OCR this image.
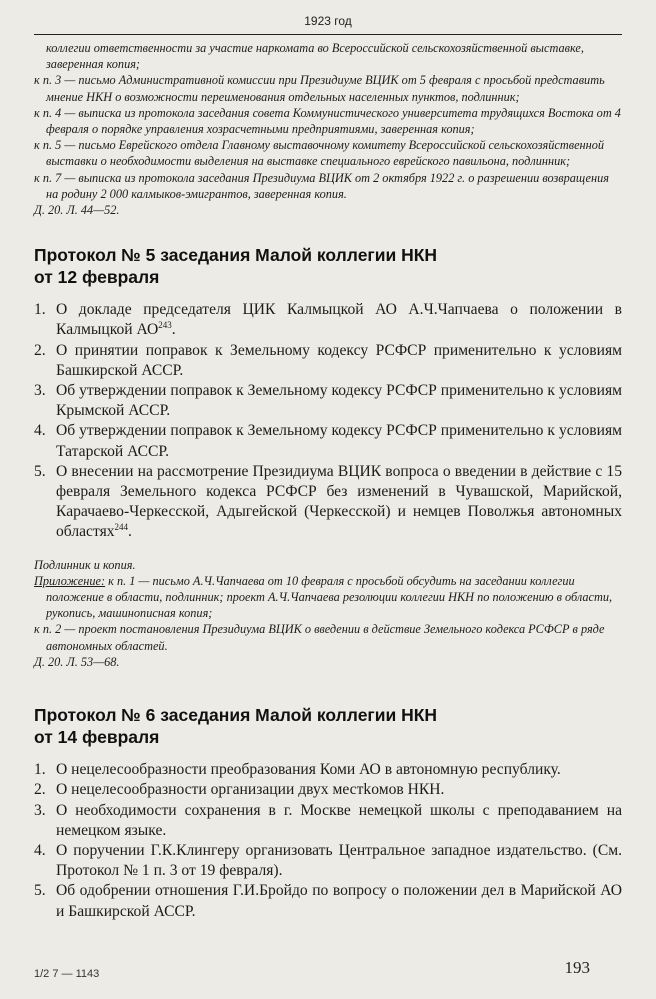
1923 год

коллегии ответственности за участие наркомата во Всероссийской сельскохозяйственной выставке, заверенная копия;

к п. 3 — письмо Административной комиссии при Президиуме ВЦИК от 5 февраля с просьбой представить мнение НКН о возможности переименования отдельных населенных пунктов, подлинник;

к п. 4 — выписка из протокола заседания совета Коммунистического университета трудящихся Востока от 4 февраля о порядке управления хозрасчетными предприятиями, заверенная копия;

к п. 5 — письмо Еврейского отдела Главному выставочному комитету Всероссийской сельскохозяйственной выставки о необходимости выделения на выставке специального еврейского павильона, подлинник;

к п. 7 — выписка из протокола заседания Президиума ВЦИК от 2 октября 1922 г. о разрешении возвращения на родину 2 000 калмыков-эмигрантов, заверенная копия.

Д. 20. Л. 44—52.

Протокол № 5 заседания Малой коллегии НКН
от 12 февраля
1. О докладе председателя ЦИК Калмыцкой АО А.Ч.Чапчаева о положении в Калмыцкой АО$^{243}$.
2. О принятии поправок к Земельному кодексу РСФСР применительно к условиям Башкирской АССР.
3. Об утверждении поправок к Земельному кодексу РСФСР применительно к условиям Крымской АССР.
4. Об утверждении поправок к Земельному кодексу РСФСР применительно к условиям Татарской АССР.
5. О внесении на рассмотрение Президиума ВЦИК вопроса о введении в действие с 15 февраля Земельного кодекса РСФСР без изменений в Чувашской, Марийской, Карачаево-Черкесской, Адыгейской (Черкесской) и немцев Поволжья автономных областях$^{244}$.

Подлинник и копия.

Приложение: к п. 1 — письмо А.Ч.Чапчаева от 10 февраля с просьбой обсудить на заседании коллегии положение в области, подлинник; проект А.Ч.Чапчаева резолюции коллегии НКН по положению в области, рукопись, машинописная копия;

к п. 2 — проект постановления Президиума ВЦИК о введении в действие Земельного кодекса РСФСР в ряде автономных областей.

Д. 20. Л. 53—68.

Протокол № 6 заседания Малой коллегии НКН
от 14 февраля
1. О нецелесообразности преобразования Коми АО в автономную республику.
2. О нецелесообразности организации двух местkомов НКН.
3. О необходимости сохранения в г. Москве немецкой школы с преподаванием на немецком языке.
4. О поручении Г.К.Клингеру организовать Центральное западное издательство. (См. Протокол № 1 п. 3 от 19 февраля).
5. Об одобрении отношения Г.И.Бройдо по вопросу о положении дел в Марийской АО и Башкирской АССР.
1/2 7 — 1143	193
